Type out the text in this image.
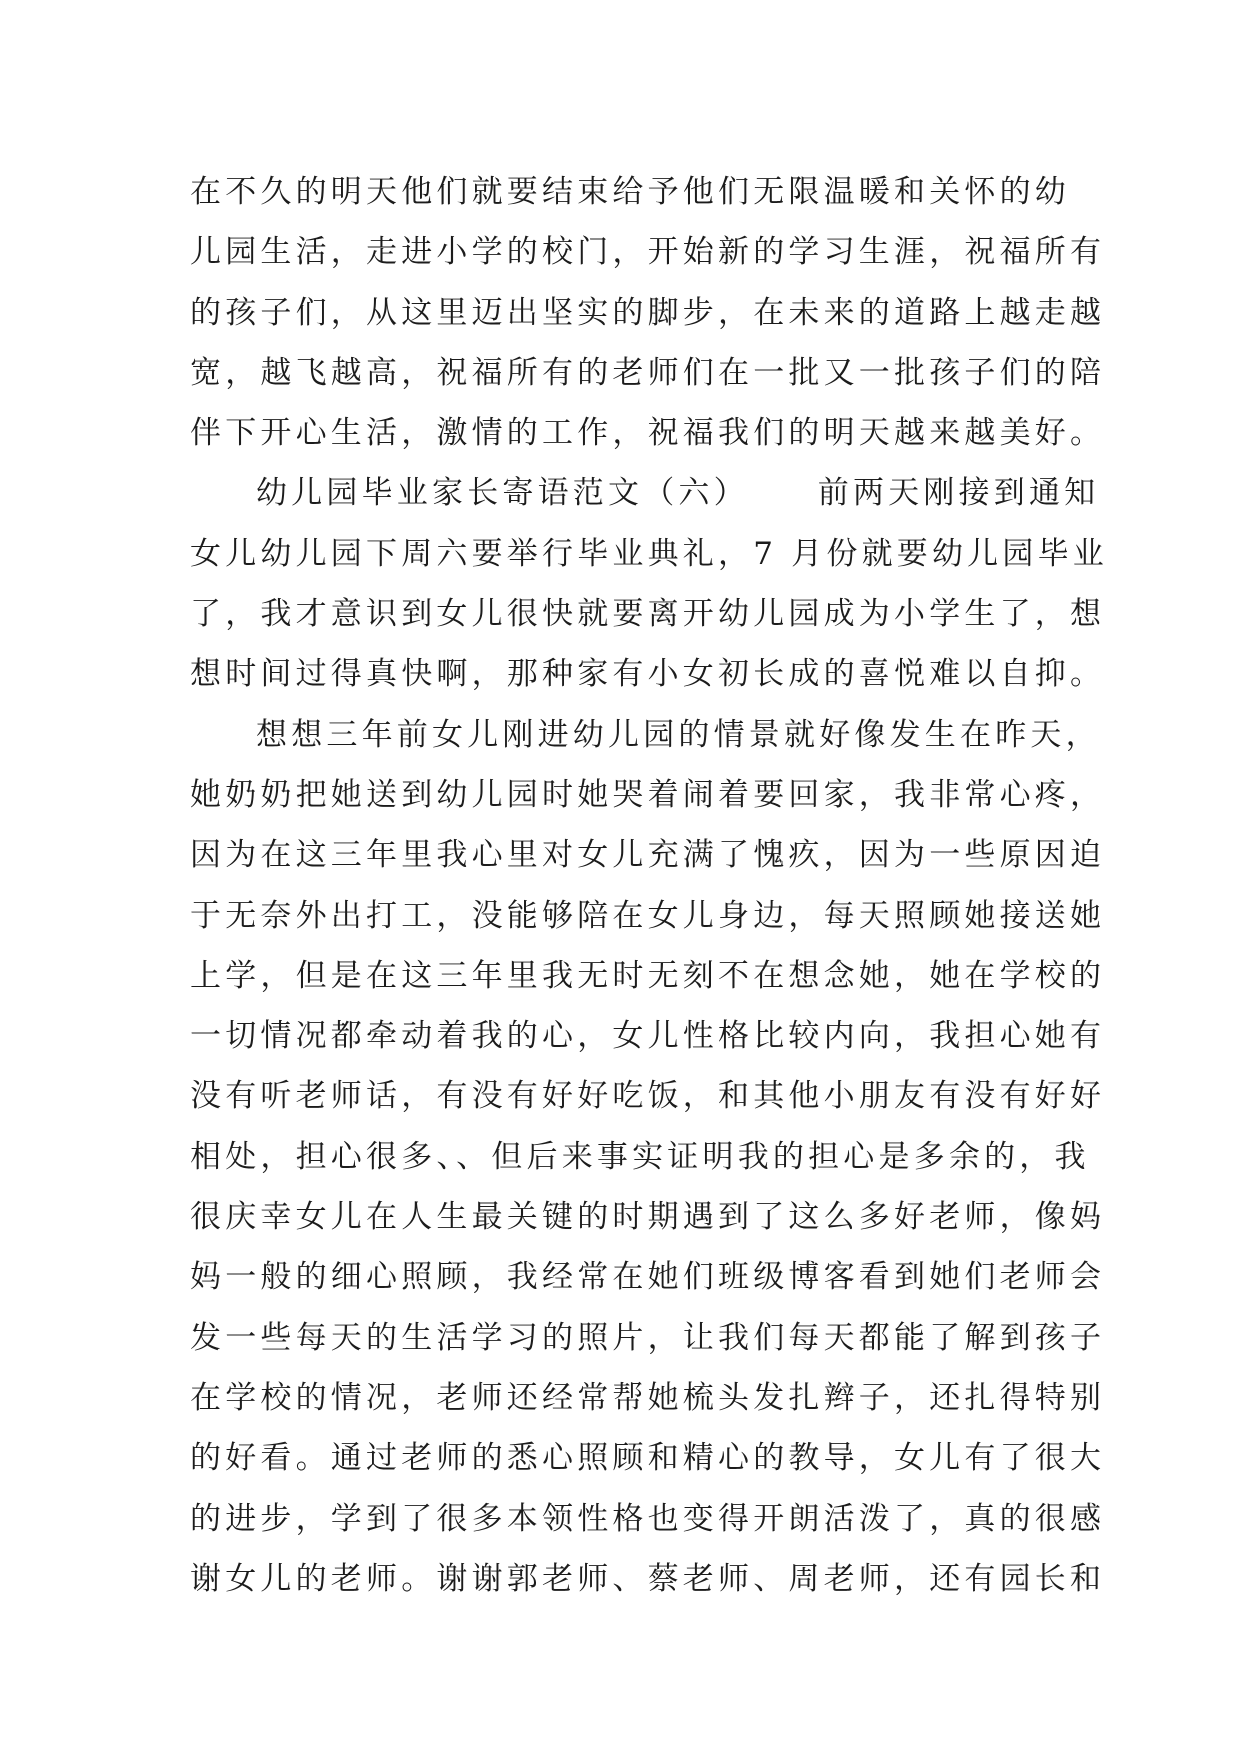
在不久的明天他们就要结束给予他们无限温暖和关怀的幼
儿园生活，走进小学的校门，开始新的学习生涯，祝福所有
的孩子们，从这里迈出坚实的脚步，在未来的道路上越走越
宽，越飞越高，祝福所有的老师们在一批又一批孩子们的陪
伴下开心生活，激情的工作，祝福我们的明天越来越美好。
幼儿园毕业家长寄语范文（六）　　 前两天刚接到通知
女儿幼儿园下周六要举行毕业典礼，7 月份就要幼儿园毕业
了，我才意识到女儿很快就要离开幼儿园成为小学生了，想
想时间过得真快啊，那种家有小女初长成的喜悦难以自抑。
想想三年前女儿刚进幼儿园的情景就好像发生在昨天，
她奶奶把她送到幼儿园时她哭着闹着要回家，我非常心疼，
因为在这三年里我心里对女儿充满了愧疚，因为一些原因迫
于无奈外出打工，没能够陪在女儿身边，每天照顾她接送她
上学，但是在这三年里我无时无刻不在想念她，她在学校的
一切情况都牵动着我的心，女儿性格比较内向，我担心她有
没有听老师话，有没有好好吃饭，和其他小朋友有没有好好
相处，担心很多、、但后来事实证明我的担心是多余的，我
很庆幸女儿在人生最关键的时期遇到了这么多好老师，像妈
妈一般的细心照顾，我经常在她们班级博客看到她们老师会
发一些每天的生活学习的照片，让我们每天都能了解到孩子
在学校的情况，老师还经常帮她梳头发扎辫子，还扎得特别
的好看。通过老师的悉心照顾和精心的教导，女儿有了很大
的进步，学到了很多本领性格也变得开朗活泼了，真的很感
谢女儿的老师。谢谢郭老师、蔡老师、周老师，还有园长和
